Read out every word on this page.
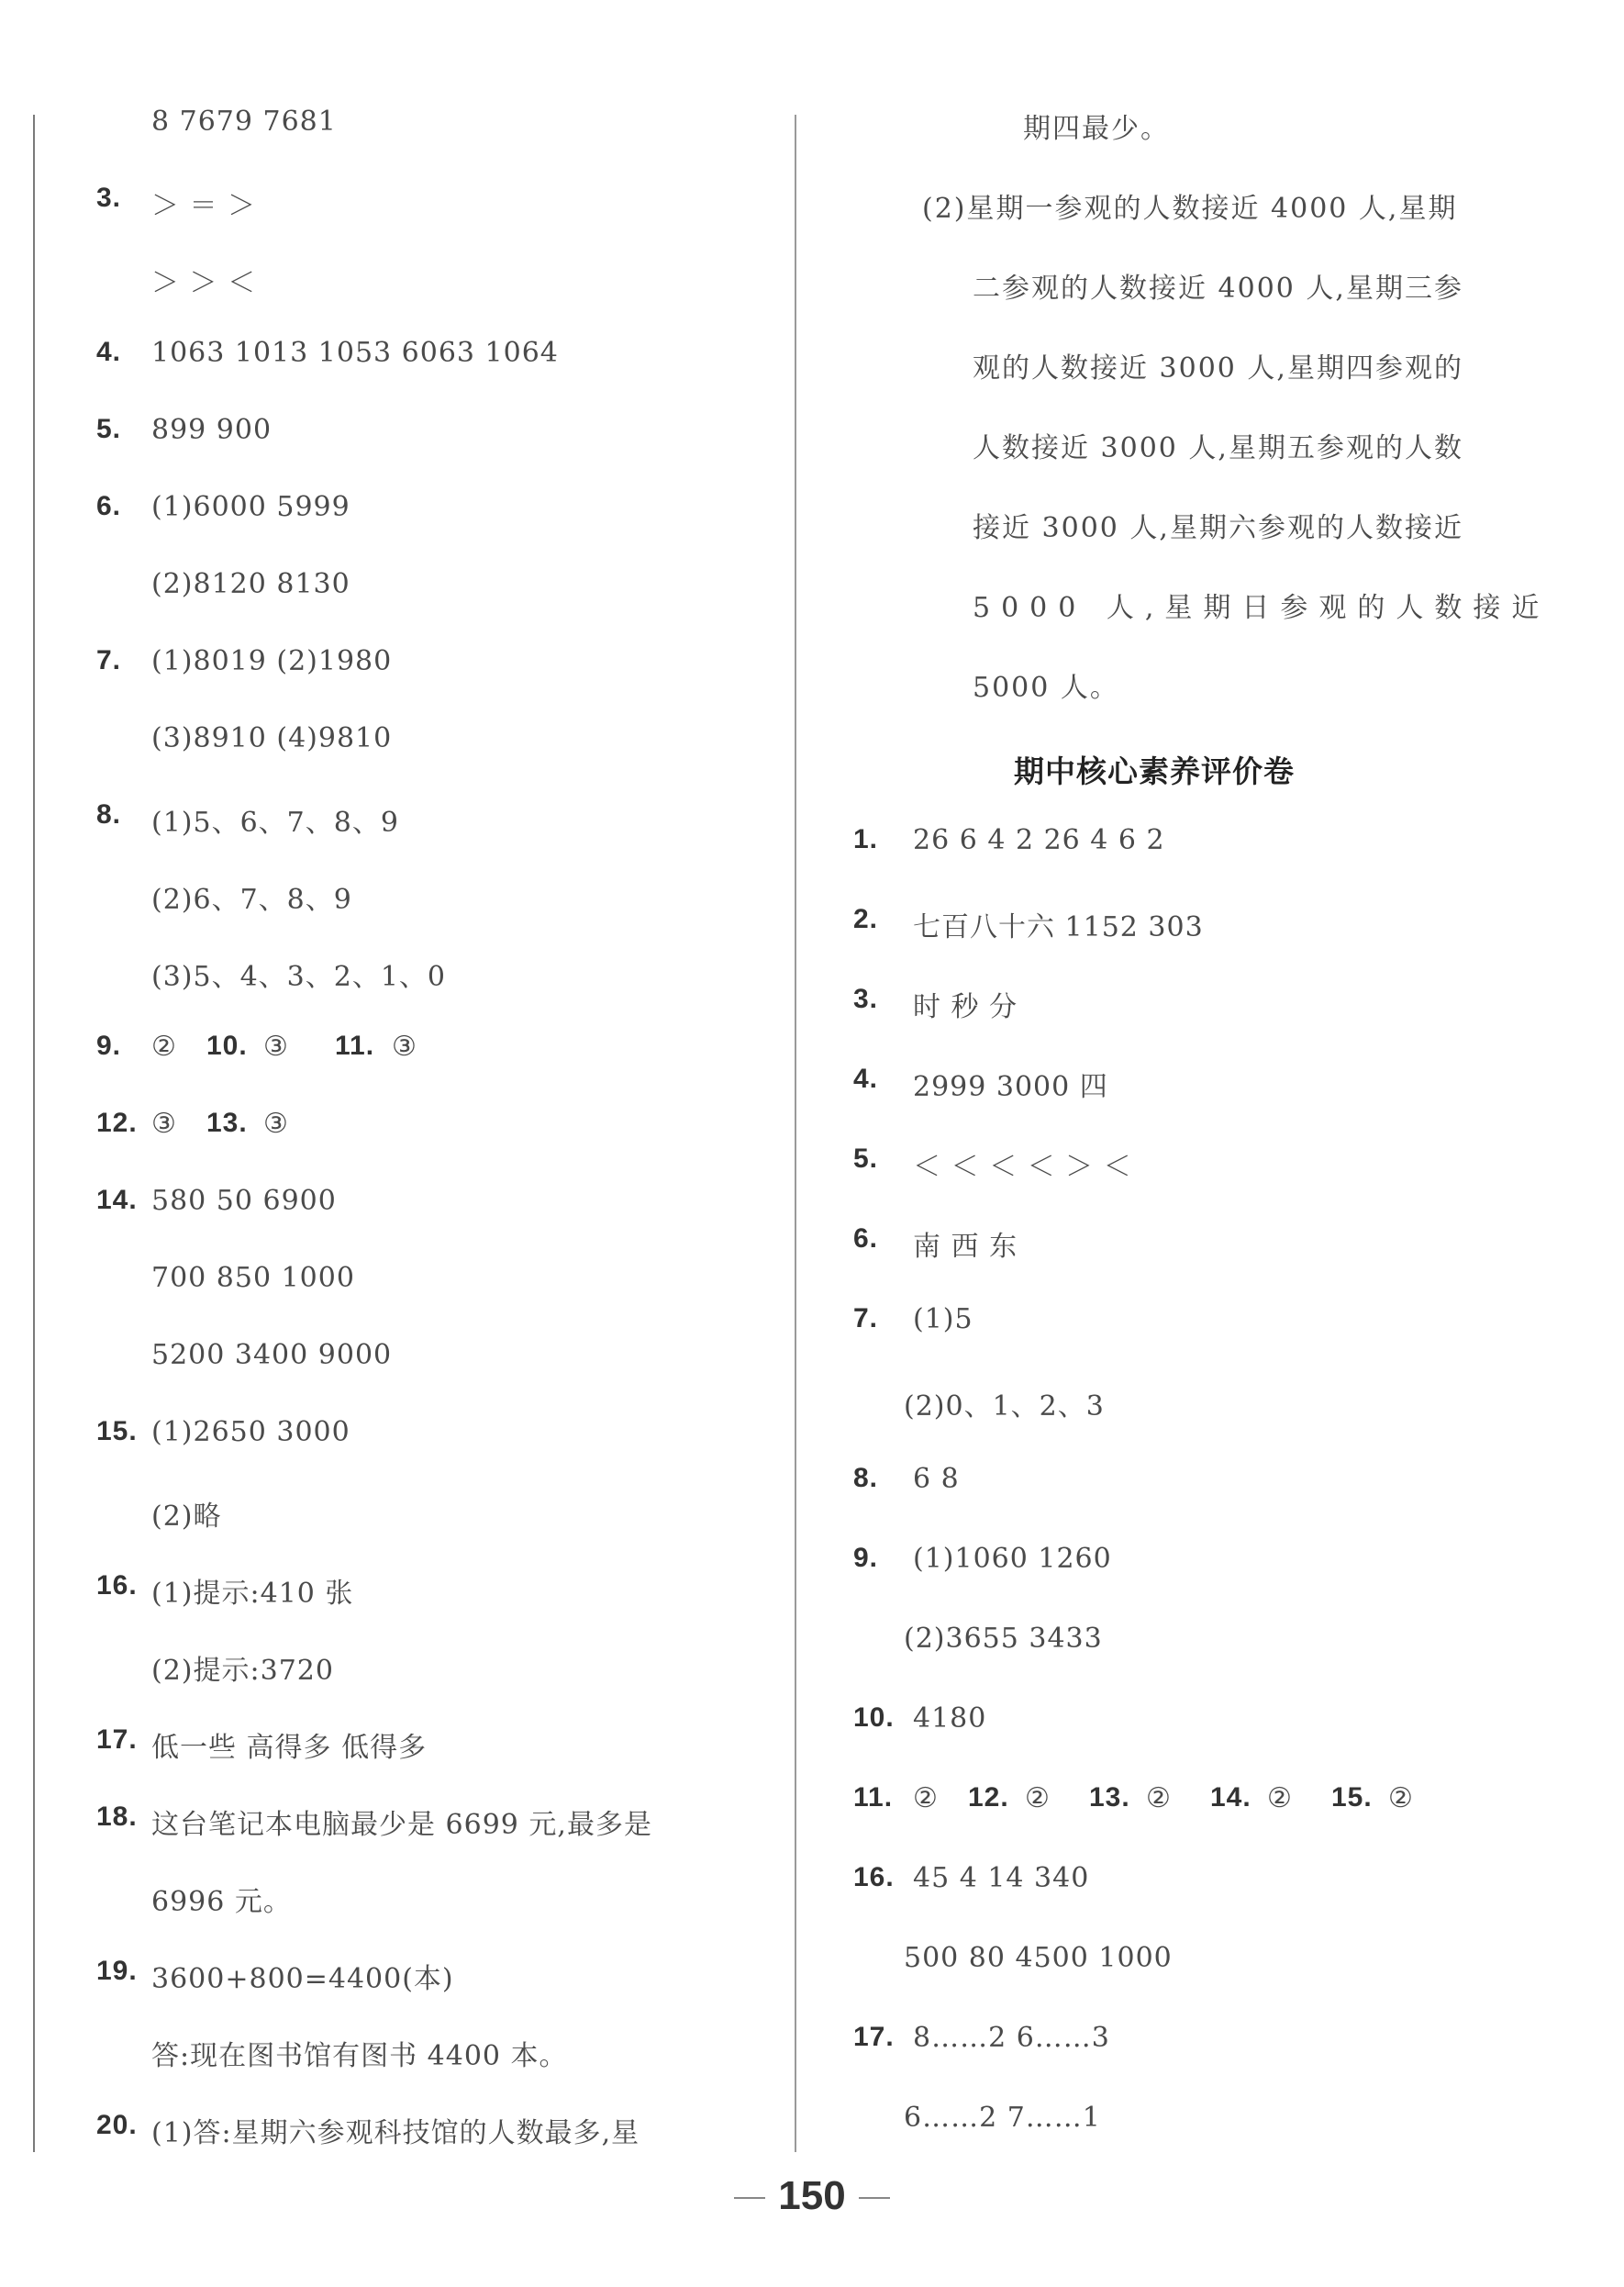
8 7679 7681
3. ＞ ＝ ＞
＞ ＞ ＜
4. 1063 1013 1053 6063 1064
5. 899 900
6. (1)6000 5999
(2)8120 8130
7. (1)8019 (2)1980
(3)8910 (4)9810
8. (1)5、6、7、8、9
(2)6、7、8、9
(3)5、4、3、2、1、0
9. ② 10. ③ 11. ③
12. ③ 13. ③
14. 580 50 6900
700 850 1000
5200 3400 9000
15. (1)2650 3000
(2)略
16. (1)提示:410 张
(2)提示:3720
17. 低一些 高得多 低得多
18. 这台笔记本电脑最少是 6699 元,最多是
6996 元。
19. 3600+800=4400(本)
答:现在图书馆有图书 4400 本。
20. (1)答:星期六参观科技馆的人数最多,星
期四最少。
(2)星期一参观的人数接近 4000 人,星期
二参观的人数接近 4000 人,星期三参
观的人数接近 3000 人,星期四参观的
人数接近 3000 人,星期五参观的人数
接近 3000 人,星期六参观的人数接近
5000 人,星期日参观的人数接近
5000 人。
期中核心素养评价卷
1. 26 6 4 2 26 4 6 2
2. 七百八十六 1152 303
3. 时 秒 分
4. 2999 3000 四
5. ＜ ＜ ＜ ＜ ＞ ＜
6. 南 西 东
7. (1)5
(2)0、1、2、3
8. 6 8
9. (1)1060 1260
(2)3655 3433
10. 4180
11. ② 12. ② 13. ② 14. ② 15. ②
16. 45 4 14 340
500 80 4500 1000
17. 8……2 6……3
6……2 7……1
150
